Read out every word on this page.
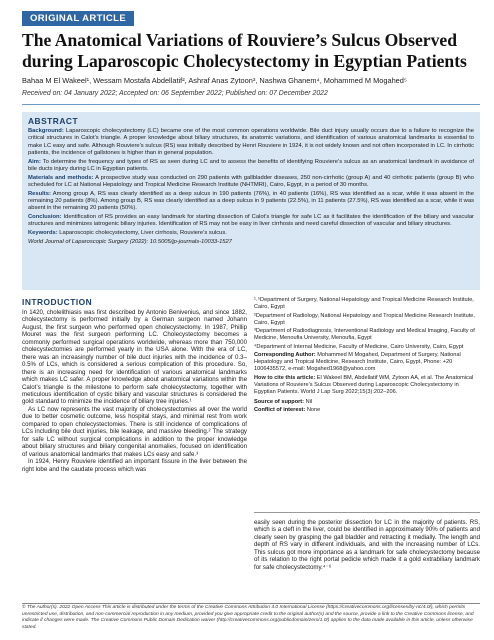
ORIGINAL ARTICLE
The Anatomical Variations of Rouviere’s Sulcus Observed during Laparoscopic Cholecystectomy in Egyptian Patients
Bahaa M El Wakeel¹, Wessam Mostafa Abdellatif², Ashraf Anas Zytoon³, Nashwa Ghanem⁴, Mohammed M Mogahed⁵
Received on: 04 January 2022; Accepted on: 06 September 2022; Published on: 07 December 2022
ABSTRACT

Background: Laparoscopic cholecystectomy (LC) became one of the most common operations worldwide. Bile duct injury usually occurs due to a failure to recognize the critical structures in Calot’s triangle. A proper knowledge about biliary structures, its anatomic variations, and identification of various anatomical landmarks is essential to make LC easy and safe. Although Rouviere’s sulcus (RS) was initially described by Henri Rouviere in 1924, it is not widely known and not often incorporated in LC. In cirrhotic patients, the incidence of gallstones is higher than in general population.

Aim: To determine the frequency and types of RS as seen during LC and to assess the benefits of identifying Rouviere’s sulcus as an anatomical landmark in avoidance of bile ducts injury during LC in Egyptian patients.

Materials and methods: A prospective study was conducted on 290 patients with gallbladder diseases, 250 non-cirrhotic (group A) and 40 cirrhotic patients (group B) who scheduled for LC at National Hepatology and Tropical Medicine Research Institute (NHTMRI), Cairo, Egypt, in a period of 30 months.

Results: Among group A, RS was clearly identified as a deep sulcus in 190 patients (76%), in 40 patients (16%), RS was identified as a scar, while it was absent in the remaining 20 patients (8%). Among group B, RS was clearly identified as a deep sulcus in 9 patients (22.5%), in 11 patients (27.5%), RS was identified as a scar, while it was absent in the remaining 20 patients (50%).

Conclusion: Identification of RS provides an easy landmark for starting dissection of Calot’s triangle for safe LC as it facilitates the identification of the biliary and vascular structures and minimizes iatrogenic biliary injuries. Identification of RS may not be easy in liver cirrhosis and need careful dissection of vascular and biliary structures.

Keywords: Laparoscopic cholecystectomy, Liver cirrhosis, Rouviere’s sulcus.

World Journal of Laparoscopic Surgery (2022): 10.5005/jp-journals-10033-1527

INTRODUCTION

In 1420, cholelithiasis was first described by Antonio Benivenius, and since 1882, cholecystectomy is performed initially by a German surgeon named Johann August, the first surgeon who performed open cholecystectomy. In 1987, Phillip Mouret was the first surgeon performing LC. Cholecystectomy becomes a commonly performed surgical operations worldwide, whereas more than 750,000 cholecystectomies are performed yearly in the USA alone. With the era of LC, there was an increasingly number of bile duct injuries with the incidence of 0.3–0.5% of LCs, which is considered a serious complication of this procedure. So, there is an increasing need for identification of various anatomical landmarks which makes LC safer. A proper knowledge about anatomical variations within the Calot’s triangle is the milestone to perform safe cholecystectomy, together with meticulous identification of cystic biliary and vascular structures is considered the gold standard to minimize the incidence of biliary tree injuries.¹

As LC now represents the vast majority of cholecystectomies all over the world due to better cosmetic outcome, less hospital stays, and minimal rest from work compared to open cholecystectomies. There is still incidence of complications of LCs including bile duct injuries, bile leakage, and massive bleeding.² The strategy for safe LC without surgical complications in addition to the proper knowledge about biliary structures and biliary congenital anomalies, focused on identification of various anatomical landmarks that makes LCs easy and safe.³

In 1924, Henry Rouviere identified an important fissure in the liver between the right lobe and the caudate process which was

¹˒⁵Department of Surgery, National Hepatology and Tropical Medicine Research Institute, Cairo, Egypt

²Department of Radiology, National Hepatology and Tropical Medicine Research Institute, Cairo, Egypt

³Department of Radiodiagnosis, Interventional Radiology and Medical Imaging, Faculty of Medicine, Menoufia University, Menoufia, Egypt

⁴Department of Internal Medicine, Faculty of Medicine, Cairo University, Cairo, Egypt

Corresponding Author: Mohammed M Mogahed, Department of Surgery, National Hepatology and Tropical Medicine, Research Institute, Cairo, Egypt, Phone: +20 1006435572, e-mail: Mogahed1968@yahoo.com

How to cite this article: El Wakeel BM, Abdellatif WM, Zytoon AA, et al. The Anatomical Variations of Rouviere’s Sulcus Observed during Laparoscopic Cholecystectomy in Egyptian Patients. World J Lap Surg 2022;15(3):202–206.

Source of support: Nil

Conflict of interest: None

easily seen during the posterior dissection for LC in the majority of patients. RS, which is a cleft in the liver, could be identified in approximately 90% of patients and clearly seen by grasping the gall bladder and retracting it medially. The length and depth of RS vary in different individuals, and with the increasing number of LCs. This sulcus got more importance as a landmark for safe cholecystectomy because of its relation to the right portal pedicle which made it a gold extrabiliary landmark for safe cholecystectomy.⁴⁻⁶

© The Author(s). 2022 Open Access This article is distributed under the terms of the Creative Commons Attribution 4.0 International License (https://creativecommons.org/licenses/by-nc/4.0/), which permits unrestricted use, distribution, and non-commercial reproduction in any medium, provided you give appropriate credit to the original author(s) and the source, provide a link to the Creative Commons license, and indicate if changes were made. The Creative Commons Public Domain Dedication waiver (http://creativecommons.org/publicdomain/zero/1.0/) applies to the data made available in this article, unless otherwise stated.
